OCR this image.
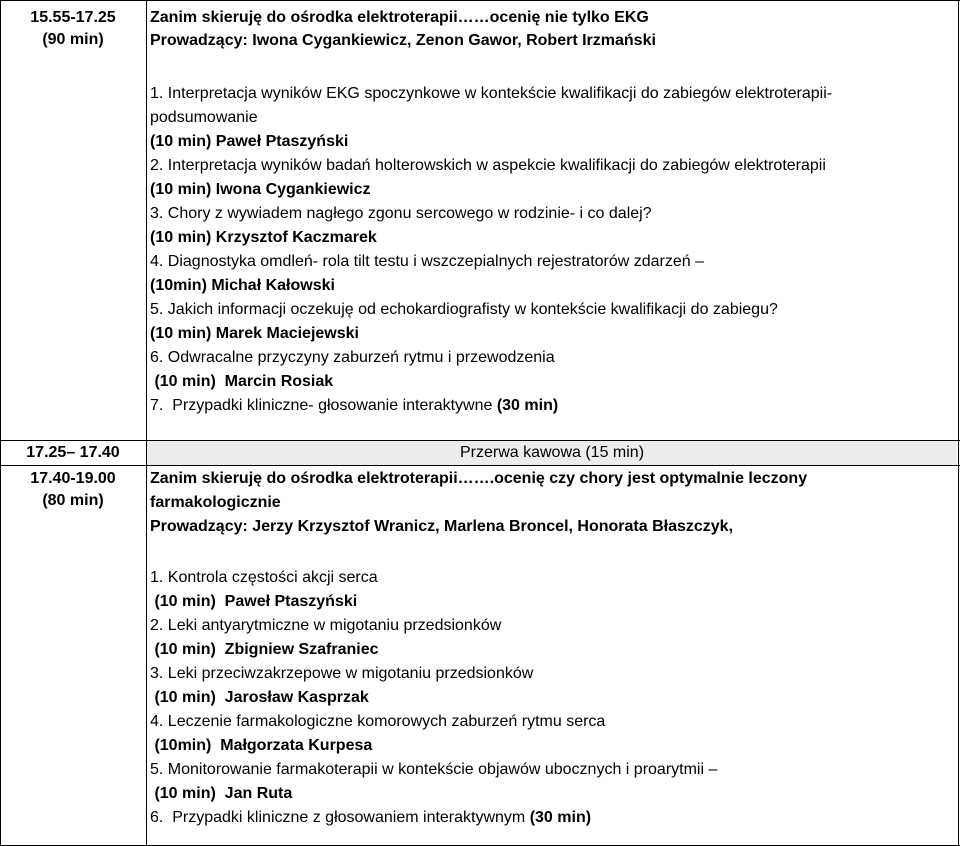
15.55-17.25
(90 min)
Zanim skieruję do ośrodka elektroterapii……ocenię nie tylko EKG
Prowadzący: Iwona Cygankiewicz, Zenon Gawor, Robert Irzmański
1. Interpretacja wyników EKG spoczynkowe w kontekście kwalifikacji do zabiegów elektroterapii-
podsumowanie
(10 min) Paweł Ptaszyński
2. Interpretacja wyników badań holterowskich w aspekcie kwalifikacji do zabiegów elektroterapii
(10 min) Iwona Cygankiewicz
3. Chory z wywiadem nagłego zgonu sercowego w rodzinie- i co dalej?
(10 min) Krzysztof Kaczmarek
4. Diagnostyka omdleń- rola tilt testu i wszczepialnych rejestratorów zdarzeń –
(10min) Michał Kałowski
5. Jakich informacji oczekuję od echokardiografisty w kontekście kwalifikacji do zabiegu?
(10 min) Marek Maciejewski
6. Odwracalne przyczyny zaburzeń rytmu i przewodzenia
(10 min)  Marcin Rosiak
7.  Przypadki kliniczne- głosowanie interaktywne (30 min)
17.25– 17.40	Przerwa kawowa (15 min)
17.40-19.00
(80 min)
Zanim skieruję do ośrodka elektroterapii…….ocenię czy chory jest optymalnie leczony
farmakologicznie
Prowadzący: Jerzy Krzysztof Wranicz, Marlena Broncel, Honorata Błaszczyk,
1. Kontrola częstości akcji serca
(10 min)  Paweł Ptaszyński
2. Leki antyarytmiczne w migotaniu przedsionków
(10 min)  Zbigniew Szafraniec
3. Leki przeciwzakrzepowe w migotaniu przedsionków
(10 min)  Jarosław Kasprzak
4. Leczenie farmakologiczne komorowych zaburzeń rytmu serca
(10min)  Małgorzata Kurpesa
5. Monitorowanie farmakoterapii w kontekście objawów ubocznych i proarytmii –
(10 min)  Jan Ruta
6.  Przypadki kliniczne z głosowaniem interaktywnym (30 min)
